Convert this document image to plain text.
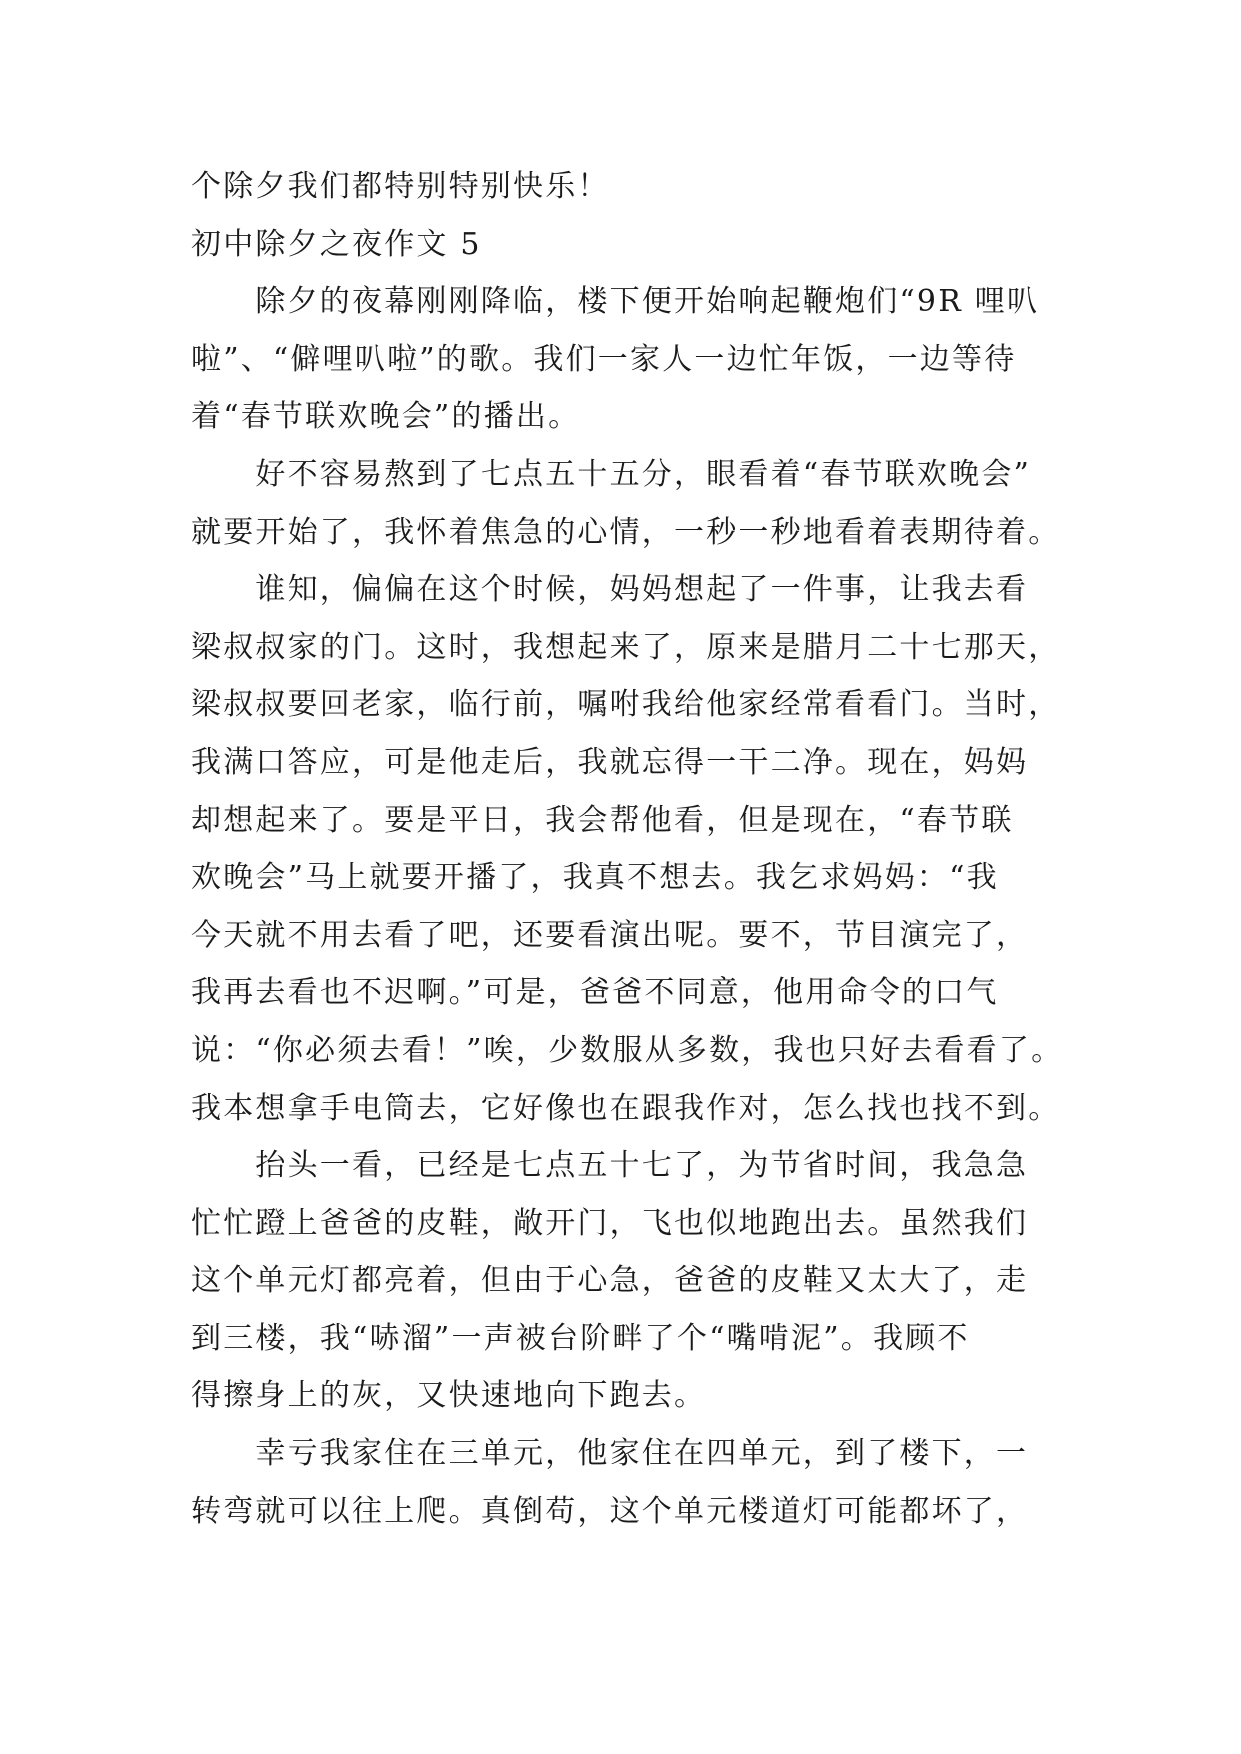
个除夕我们都特别特别快乐！

初中除夕之夜作文 5

　　除夕的夜幕刚刚降临，楼下便开始响起鞭炮们“9R 哩叭

啦”、“僻哩叭啦”的歌。我们一家人一边忙年饭，一边等待

着“春节联欢晚会”的播出。

　　好不容易熬到了七点五十五分，眼看着“春节联欢晚会”

就要开始了，我怀着焦急的心情，一秒一秒地看着表期待着。

　　谁知，偏偏在这个时候，妈妈想起了一件事，让我去看

梁叔叔家的门。这时，我想起来了，原来是腊月二十七那天，

梁叔叔要回老家，临行前，嘱咐我给他家经常看看门。当时，

我满口答应，可是他走后，我就忘得一干二净。现在，妈妈

却想起来了。要是平日，我会帮他看，但是现在，“春节联

欢晚会”马上就要开播了，我真不想去。我乞求妈妈：“我

今天就不用去看了吧，还要看演出呢。要不，节目演完了，

我再去看也不迟啊。”可是，爸爸不同意，他用命令的口气

说：“你必须去看！”唉，少数服从多数，我也只好去看看了。

我本想拿手电筒去，它好像也在跟我作对，怎么找也找不到。

　　抬头一看，已经是七点五十七了，为节省时间，我急急

忙忙蹬上爸爸的皮鞋，敞开门，飞也似地跑出去。虽然我们

这个单元灯都亮着，但由于心急，爸爸的皮鞋又太大了，走

到三楼，我“哧溜”一声被台阶畔了个“嘴啃泥”。我顾不

得擦身上的灰，又快速地向下跑去。

　　幸亏我家住在三单元，他家住在四单元，到了楼下，一

转弯就可以往上爬。真倒苟，这个单元楼道灯可能都坏了，
